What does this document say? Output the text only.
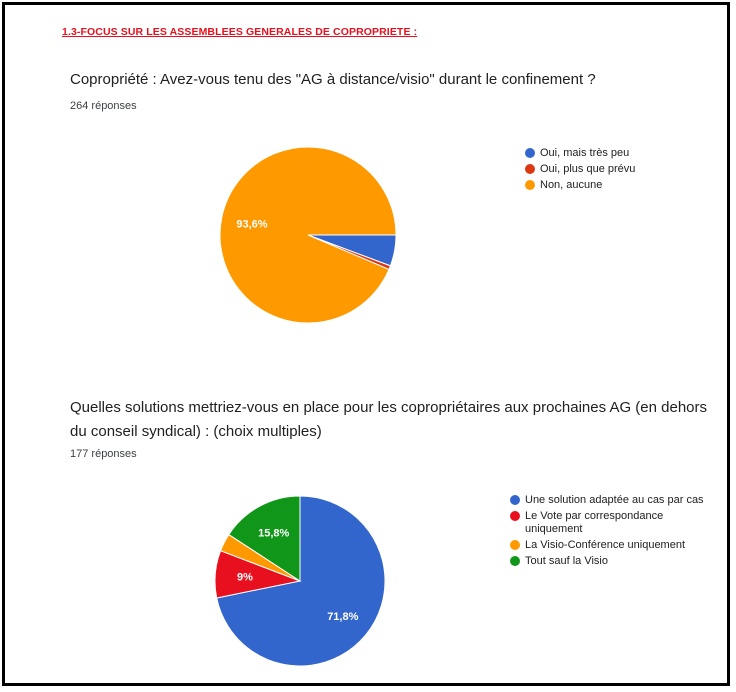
1.3-FOCUS SUR LES ASSEMBLEES GENERALES DE COPROPRIETE :
Copropriété : Avez-vous tenu des "AG à distance/visio" durant le confinement ?
264 réponses
93,6%
Oui, mais très peu
Oui, plus que prévu
Non, aucune
Quelles solutions mettriez-vous en place pour les copropriétaires aux prochaines AG (en dehors du conseil syndical) : (choix multiples)
177 réponses
71,8%
9%
15,8%
Une solution adaptée au cas par cas
Le Vote par correspondance uniquement
La Visio-Conférence uniquement
Tout sauf la Visio
